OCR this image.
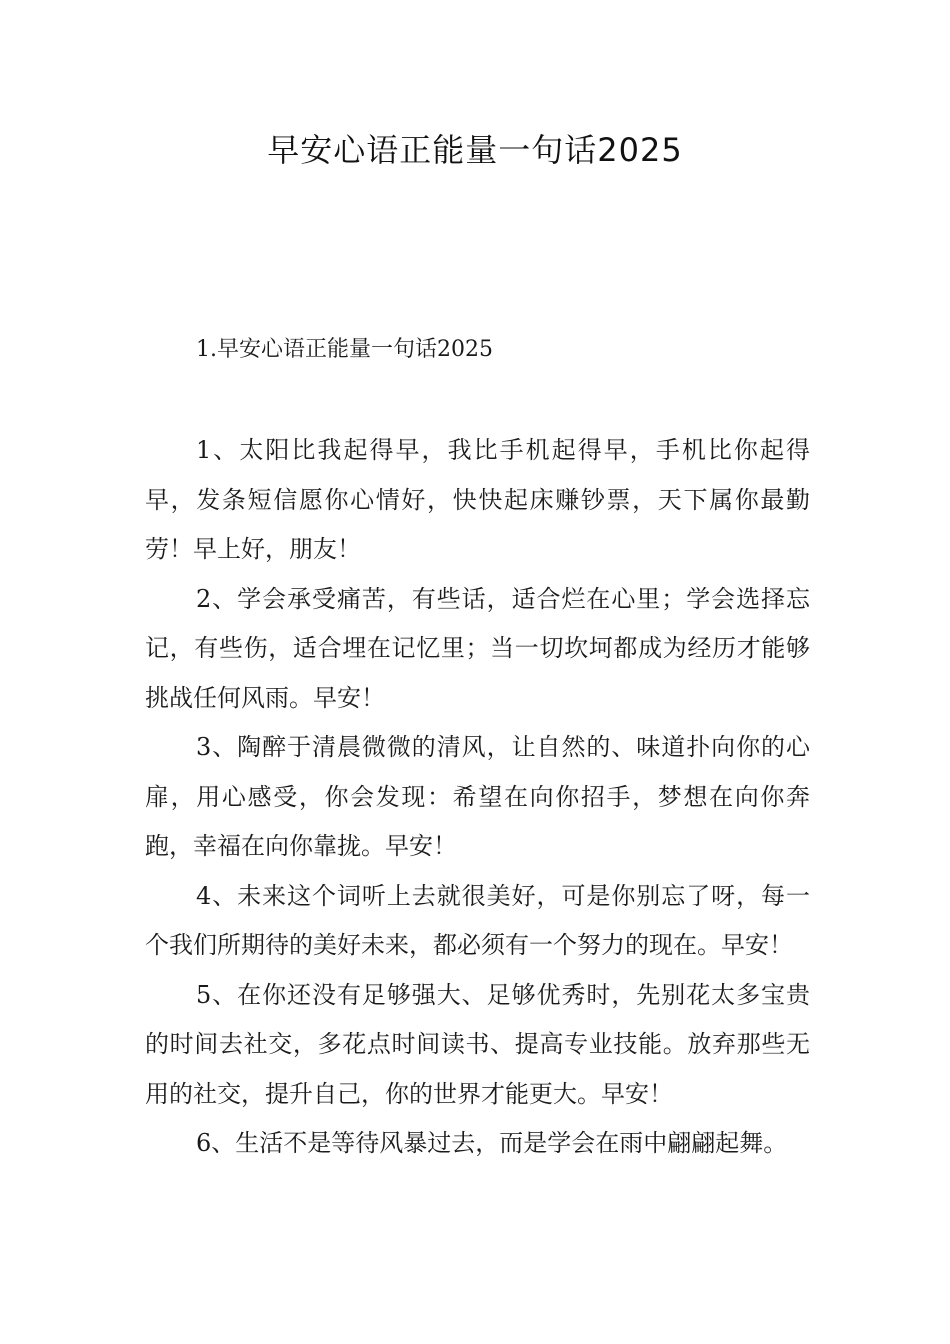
早安心语正能量一句话2025
1.早安心语正能量一句话2025

1、太阳比我起得早，我比手机起得早，手机比你起得早，发条短信愿你心情好，快快起床赚钞票，天下属你最勤劳！早上好，朋友！

2、学会承受痛苦，有些话，适合烂在心里；学会选择忘记，有些伤，适合埋在记忆里；当一切坎坷都成为经历才能够挑战任何风雨。早安！

3、陶醉于清晨微微的清风，让自然的、味道扑向你的心扉，用心感受，你会发现：希望在向你招手，梦想在向你奔跑，幸福在向你靠拢。早安！

4、未来这个词听上去就很美好，可是你别忘了呀，每一个我们所期待的美好未来，都必须有一个努力的现在。早安！

5、在你还没有足够强大、足够优秀时，先别花太多宝贵的时间去社交，多花点时间读书、提高专业技能。放弃那些无用的社交，提升自己，你的世界才能更大。早安！

6、生活不是等待风暴过去，而是学会在雨中翩翩起舞。
